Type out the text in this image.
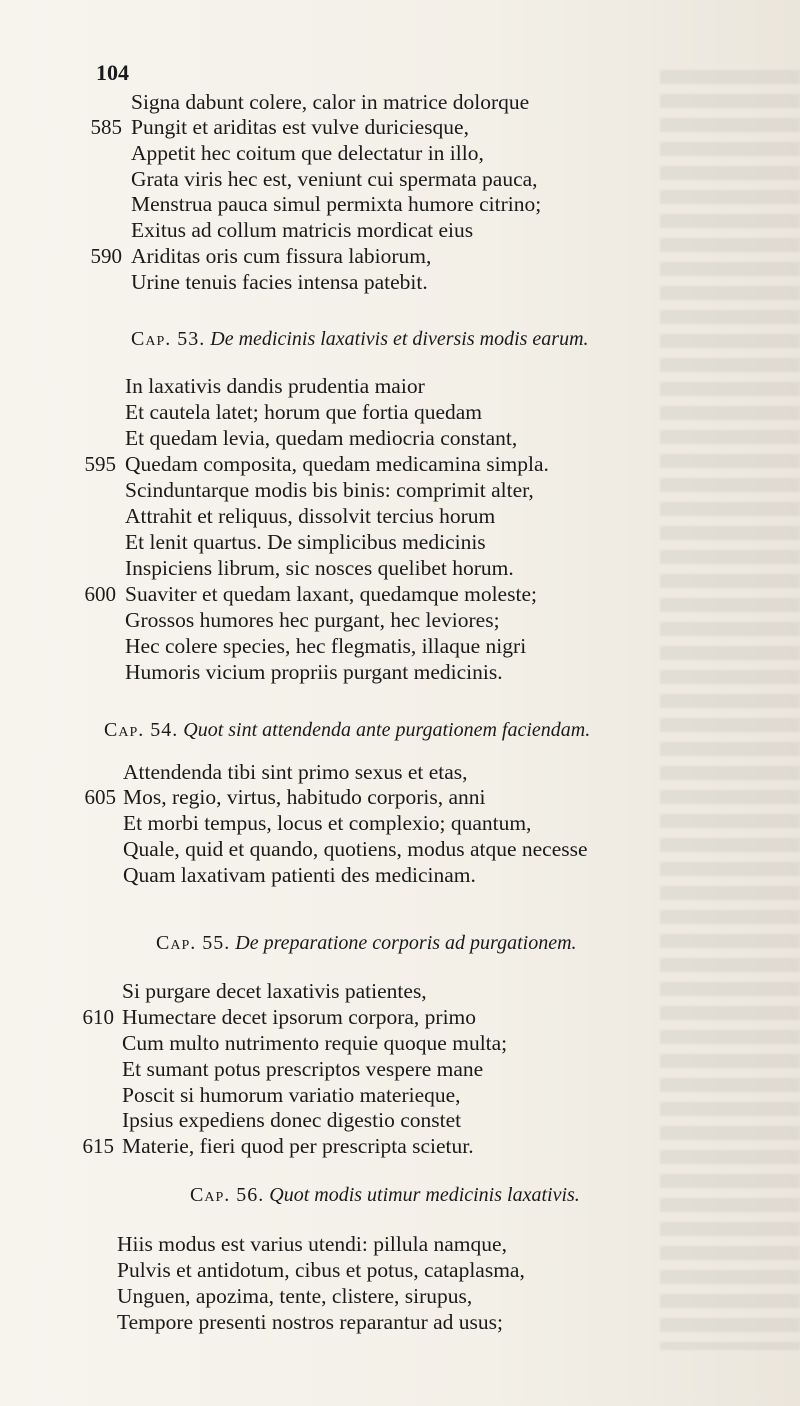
104
Signa dabunt colere, calor in matrice dolorque
585 Pungit et ariditas est vulve duriciesque,
Appetit hec coitum que delectatur in illo,
Grata viris hec est, veniunt cui spermata pauca,
Menstrua pauca simul permixta humore citrino;
Exitus ad collum matricis mordicat eius
590 Ariditas oris cum fissura labiorum,
Urine tenuis facies intensa patebit.
Cap. 53. De medicinis laxativis et diversis modis earum.
In laxativis dandis prudentia maior
Et cautela latet; horum que fortia quedam
Et quedam levia, quedam mediocria constant,
595 Quedam composita, quedam medicamina simpla.
Scinduntarque modis bis binis: comprimit alter,
Attrahit et reliquus, dissolvit tercius horum
Et lenit quartus. De simplicibus medicinis
Inspiciens librum, sic nosces quelibet horum.
600 Suaviter et quedam laxant, quedamque moleste;
Grossos humores hec purgant, hec leviores;
Hec colere species, hec flegmatis, illaque nigri
Humoris vicium propriis purgant medicinis.
Cap. 54. Quot sint attendenda ante purgationem faciendam.
Attendenda tibi sint primo sexus et etas,
605 Mos, regio, virtus, habitudo corporis, anni
Et morbi tempus, locus et complexio; quantum,
Quale, quid et quando, quotiens, modus atque necesse
Quam laxativam patienti des medicinam.
Cap. 55. De preparatione corporis ad purgationem.
Si purgare decet laxativis patientes,
610 Humectare decet ipsorum corpora, primo
Cum multo nutrimento requie quoque multa;
Et sumant potus prescriptos vespere mane
Poscit si humorum variatio materieque,
Ipsius expediens donec digestio constet
615 Materie, fieri quod per prescripta scietur.
Cap. 56. Quot modis utimur medicinis laxativis.
Hiis modus est varius utendi: pillula namque,
Pulvis et antidotum, cibus et potus, cataplasma,
Unguen, apozima, tente, clistere, sirupus,
Tempore presenti nostros reparantur ad usus;
